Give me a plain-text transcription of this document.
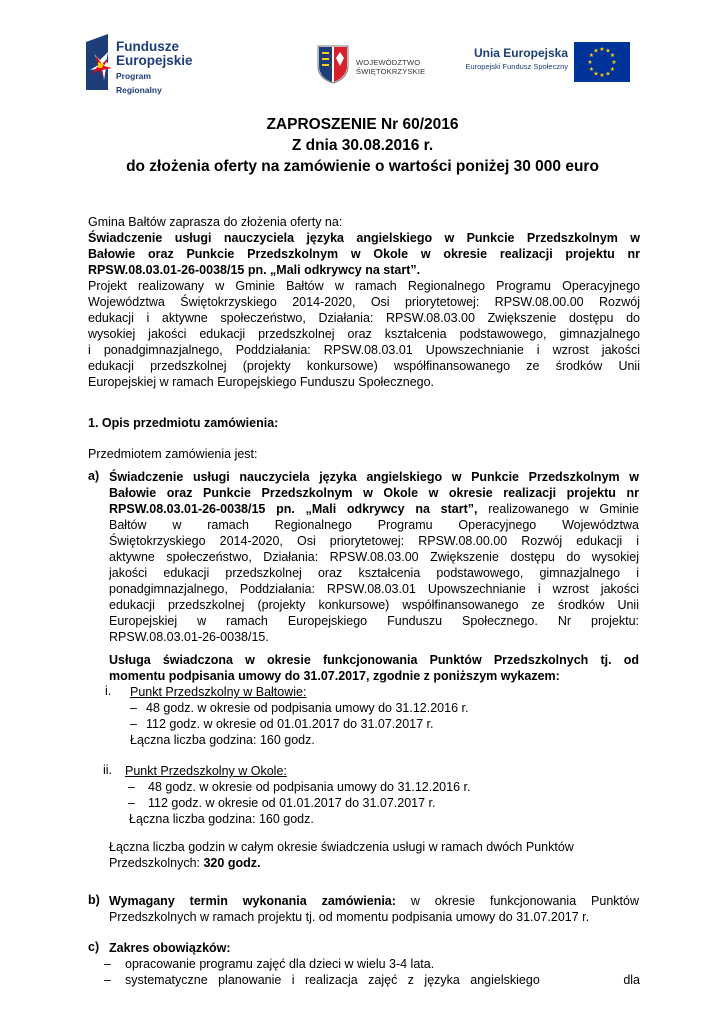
Fundusze
Europejskie
Program Regionalny
WOJEWÓDZTWO
ŚWIĘTOKRZYSKIE
Unia Europejska
Europejski Fundusz Społeczny
★ ★
★
★
★
★
★
★
★
★
★
★
ZAPROSZENIE Nr 60/2016
Z dnia 30.08.2016 r.
do złożenia oferty na zamówienie o wartości poniżej 30 000 euro

Gmina Bałtów zaprasza do złożenia oferty na:

Świadczenie usługi nauczyciela języka angielskiego w Punkcie Przedszkolnym w
Bałowie oraz Punkcie Przedszkolnym w Okole w okresie realizacji projektu nr

RPSW.08.03.01-26-0038/15 pn. „Mali odkrywcy na start”.

Projekt realizowany w Gminie Bałtów w ramach Regionalnego Programu Operacyjnego
Województwa Świętokrzyskiego 2014-2020, Osi priorytetowej: RPSW.08.00.00 Rozwój
edukacji i aktywne społeczeństwo, Działania: RPSW.08.03.00 Zwiększenie dostępu do
wysokiej jakości edukacji przedszkolnej oraz kształcenia podstawowego, gimnazjalnego
i ponadgimnazjalnego, Poddziałania: RPSW.08.03.01 Upowszechnianie i wzrost jakości
edukacji przedszkolnej (projekty konkursowe) współfinansowanego ze środków Unii

Europejskiej w ramach Europejskiego Funduszu Społecznego.

1. Opis przedmiotu zamówienia:

Przedmiotem zamówienia jest:

a) Świadczenie usługi nauczyciela języka angielskiego w Punkcie Przedszkolnym w
Bałowie oraz Punkcie Przedszkolnym w Okole w okresie realizacji projektu nr
RPSW.08.03.01-26-0038/15 pn. „Mali odkrywcy na start”, realizowanego w Gminie
Bałtów     w     ramach     Regionalnego     Programu     Operacyjnego     Województwa
Świętokrzyskiego 2014-2020, Osi priorytetowej: RPSW.08.00.00 Rozwój edukacji i
aktywne społeczeństwo, Działania: RPSW.08.03.00 Zwiększenie dostępu do wysokiej
jakości edukacji przedszkolnej oraz kształcenia podstawowego, gimnazjalnego i
ponadgimnazjalnego, Poddziałania: RPSW.08.03.01 Upowszechnianie i wzrost jakości
edukacji przedszkolnej (projekty konkursowe) współfinansowanego ze środków Unii
Europejskiej   w   ramach   Europejskiego   Funduszu   Społecznego.   Nr   projektu:

RPSW.08.03.01-26-0038/15.

Usługa świadczona w okresie funkcjonowania Punktów Przedszkolnych tj. od

momentu podpisania umowy do 31.07.2017, zgodnie z poniższym wykazem:

i. Punkt Przedszkolny w Bałtowie:

– 48 godz. w okresie od podpisania umowy do 31.12.2016 r.
– 112 godz. w okresie od 01.01.2017 do 31.07.2017 r.

Łączna liczba godzina: 160 godz.

ii. Punkt Przedszkolny w Okole:

– 48 godz. w okresie od podpisania umowy do 31.12.2016 r.
– 112 godz. w okresie od 01.01.2017 do 31.07.2017 r.

Łączna liczba godzina: 160 godz.

Łączna liczba godzin w całym okresie świadczenia usługi w ramach dwóch Punktów

Przedszkolnych: 320 godz.

b) Wymagany termin wykonania zamówienia: w okresie funkcjonowania Punktów

Przedszkolnych w ramach projektu tj. od momentu podpisania umowy do 31.07.2017 r.

c) Zakres obowiązków:

– opracowanie programu zajęć dla dzieci w wielu 3-4 lata.
– systematyczne   planowanie   i   realizacja   zajęć   z   języka   angielskiego	dla
